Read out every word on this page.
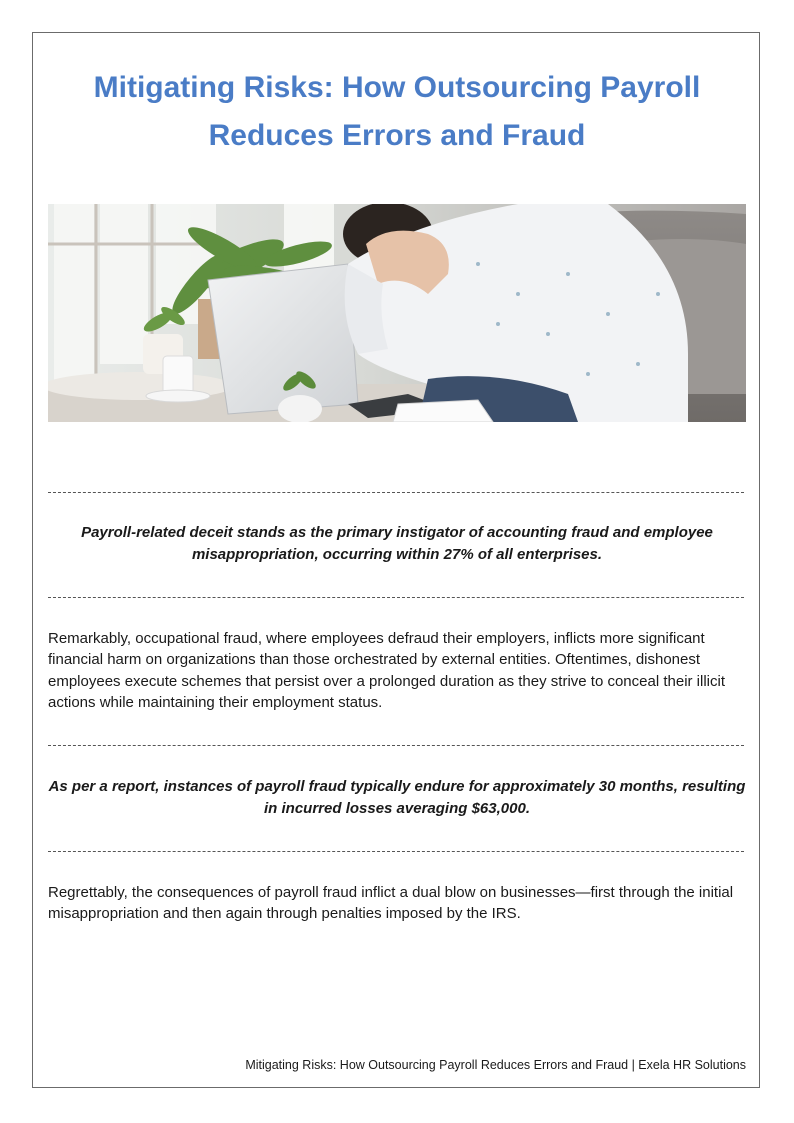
Mitigating Risks: How Outsourcing Payroll Reduces Errors and Fraud

Payroll-related deceit stands as the primary instigator of accounting fraud and employee misappropriation, occurring within 27% of all enterprises.

Remarkably, occupational fraud, where employees defraud their employers, inflicts more significant financial harm on organizations than those orchestrated by external entities. Oftentimes, dishonest employees execute schemes that persist over a prolonged duration as they strive to conceal their illicit actions while maintaining their employment status.

As per a report, instances of payroll fraud typically endure for approximately 30 months, resulting in incurred losses averaging $63,000.

Regrettably, the consequences of payroll fraud inflict a dual blow on businesses—first through the initial misappropriation and then again through penalties imposed by the IRS.

Mitigating Risks: How Outsourcing Payroll Reduces Errors and Fraud | Exela HR Solutions
